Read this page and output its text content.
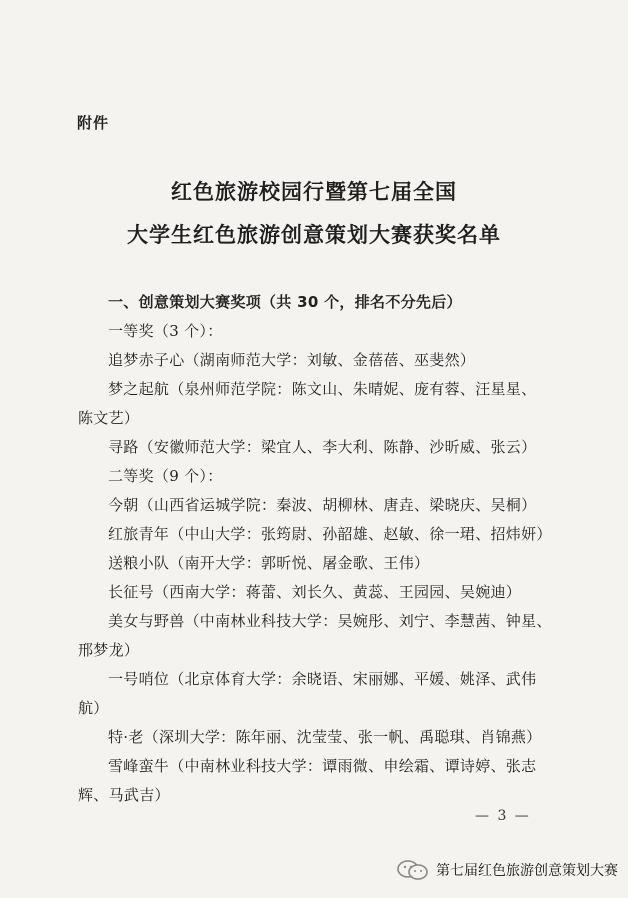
附件
红色旅游校园行暨第七届全国
大学生红色旅游创意策划大赛获奖名单
一、创意策划大赛奖项（共 30 个，排名不分先后）
一等奖（3 个）：
追梦赤子心（湖南师范大学：刘敏、金蓓蓓、巫斐然）
梦之起航（泉州师范学院：陈文山、朱晴妮、庞有蓉、汪星星、
陈文艺）
寻路（安徽师范大学：梁宜人、李大利、陈静、沙昕威、张云）
二等奖（9 个）：
今朝（山西省运城学院：秦波、胡柳林、唐垚、梁晓庆、吴桐）
红旅青年（中山大学：张筠尉、孙韶雄、赵敏、徐一珺、招炜妍）
送粮小队（南开大学：郭昕悦、屠金歌、王伟）
长征号（西南大学：蒋蕾、刘长久、黄蕊、王园园、吴婉迪）
美女与野兽（中南林业科技大学：吴婉彤、刘宁、李慧茜、钟星、
邢梦龙）
一号哨位（北京体育大学：余晓语、宋丽娜、平媛、姚泽、武伟
航）
特·老（深圳大学：陈年丽、沈莹莹、张一帆、禹聪琪、肖锦燕）
雪峰蛮牛（中南林业科技大学：谭雨微、申绘霜、谭诗婷、张志
辉、马武吉）
— 3 —
第七届红色旅游创意策划大赛
